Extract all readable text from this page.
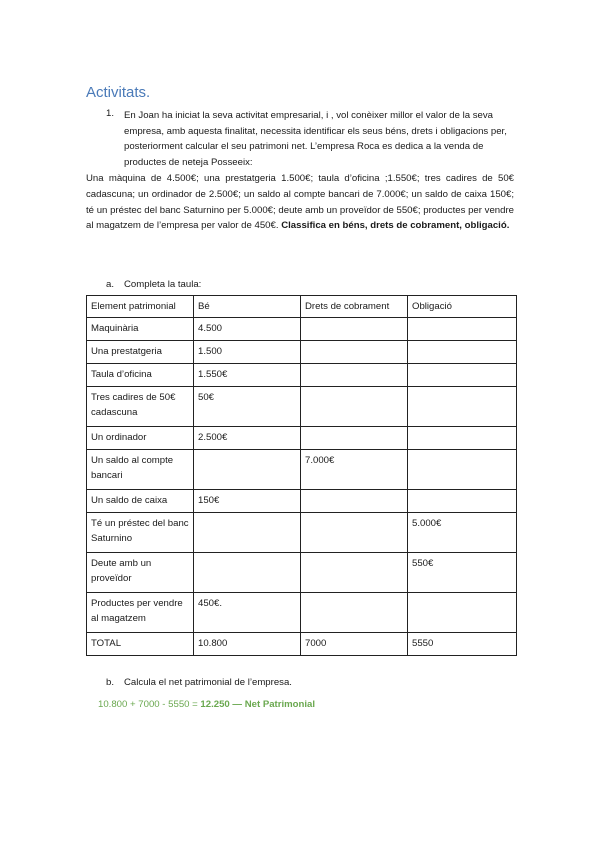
Activitats.
1. En Joan ha iniciat la seva activitat empresarial, i , vol conèixer millor el valor de la seva empresa, amb aquesta finalitat, necessita identificar els seus béns, drets i obligacions per, posteriorment calcular el seu patrimoni net. L’empresa Roca es dedica a la venda de productes de neteja Posseeix:
Una màquina de 4.500€; una prestatgeria 1.500€; taula d’oficina ;1.550€; tres cadires de 50€ cadascuna; un ordinador de 2.500€; un saldo al compte bancari de 7.000€; un saldo de caixa 150€; té un préstec del banc Saturnino per 5.000€; deute amb un proveïdor de 550€; productes per vendre al magatzem de l’empresa per valor de 450€. Classifica en béns, drets de cobrament, obligació.
a. Completa la taula:
Element patrimonial	Bé	Drets de cobrament	Obligació
Maquinària	4.500		
Una prestatgeria	1.500		
Taula d’oficina	1.550€		
Tres cadires de 50€ cadascuna	50€		
Un ordinador	2.500€		
Un saldo al compte bancari		7.000€	
Un saldo de caixa	150€		
Té un préstec del banc Saturnino			5.000€
Deute amb un proveïdor			550€
Productes per vendre al magatzem	450€.		
TOTAL	10.800	7000	5550
b. Calcula el net patrimonial de l’empresa.
10.800 + 7000 - 5550 = 12.250 — Net Patrimonial
